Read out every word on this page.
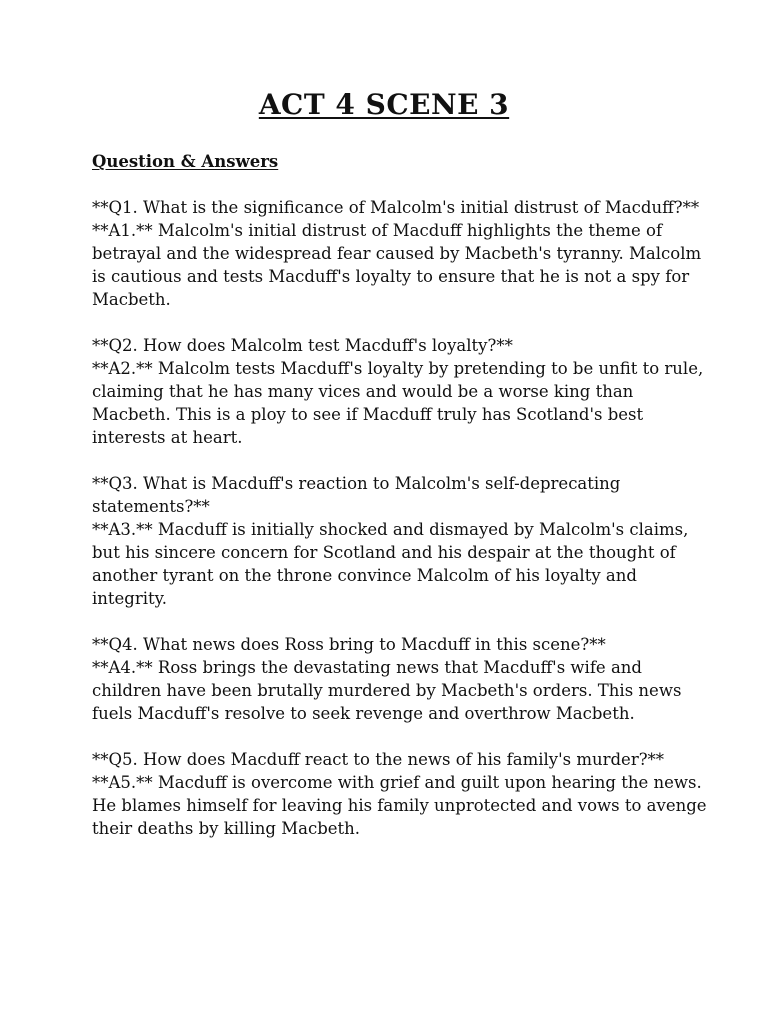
ACT 4 SCENE 3
Question & Answers

**Q1. What is the significance of Malcolm's initial distrust of Macduff?**

**A1.** Malcolm's initial distrust of Macduff highlights the theme of betrayal and the widespread fear caused by Macbeth's tyranny. Malcolm is cautious and tests Macduff's loyalty to ensure that he is not a spy for Macbeth.

**Q2. How does Malcolm test Macduff's loyalty?**

**A2.** Malcolm tests Macduff's loyalty by pretending to be unfit to rule, claiming that he has many vices and would be a worse king than Macbeth. This is a ploy to see if Macduff truly has Scotland's best interests at heart.

**Q3. What is Macduff's reaction to Malcolm's self-deprecating statements?**

**A3.** Macduff is initially shocked and dismayed by Malcolm's claims, but his sincere concern for Scotland and his despair at the thought of another tyrant on the throne convince Malcolm of his loyalty and integrity.

**Q4. What news does Ross bring to Macduff in this scene?**

**A4.** Ross brings the devastating news that Macduff's wife and children have been brutally murdered by Macbeth's orders. This news fuels Macduff's resolve to seek revenge and overthrow Macbeth.

**Q5. How does Macduff react to the news of his family's murder?**

**A5.** Macduff is overcome with grief and guilt upon hearing the news. He blames himself for leaving his family unprotected and vows to avenge their deaths by killing Macbeth.
